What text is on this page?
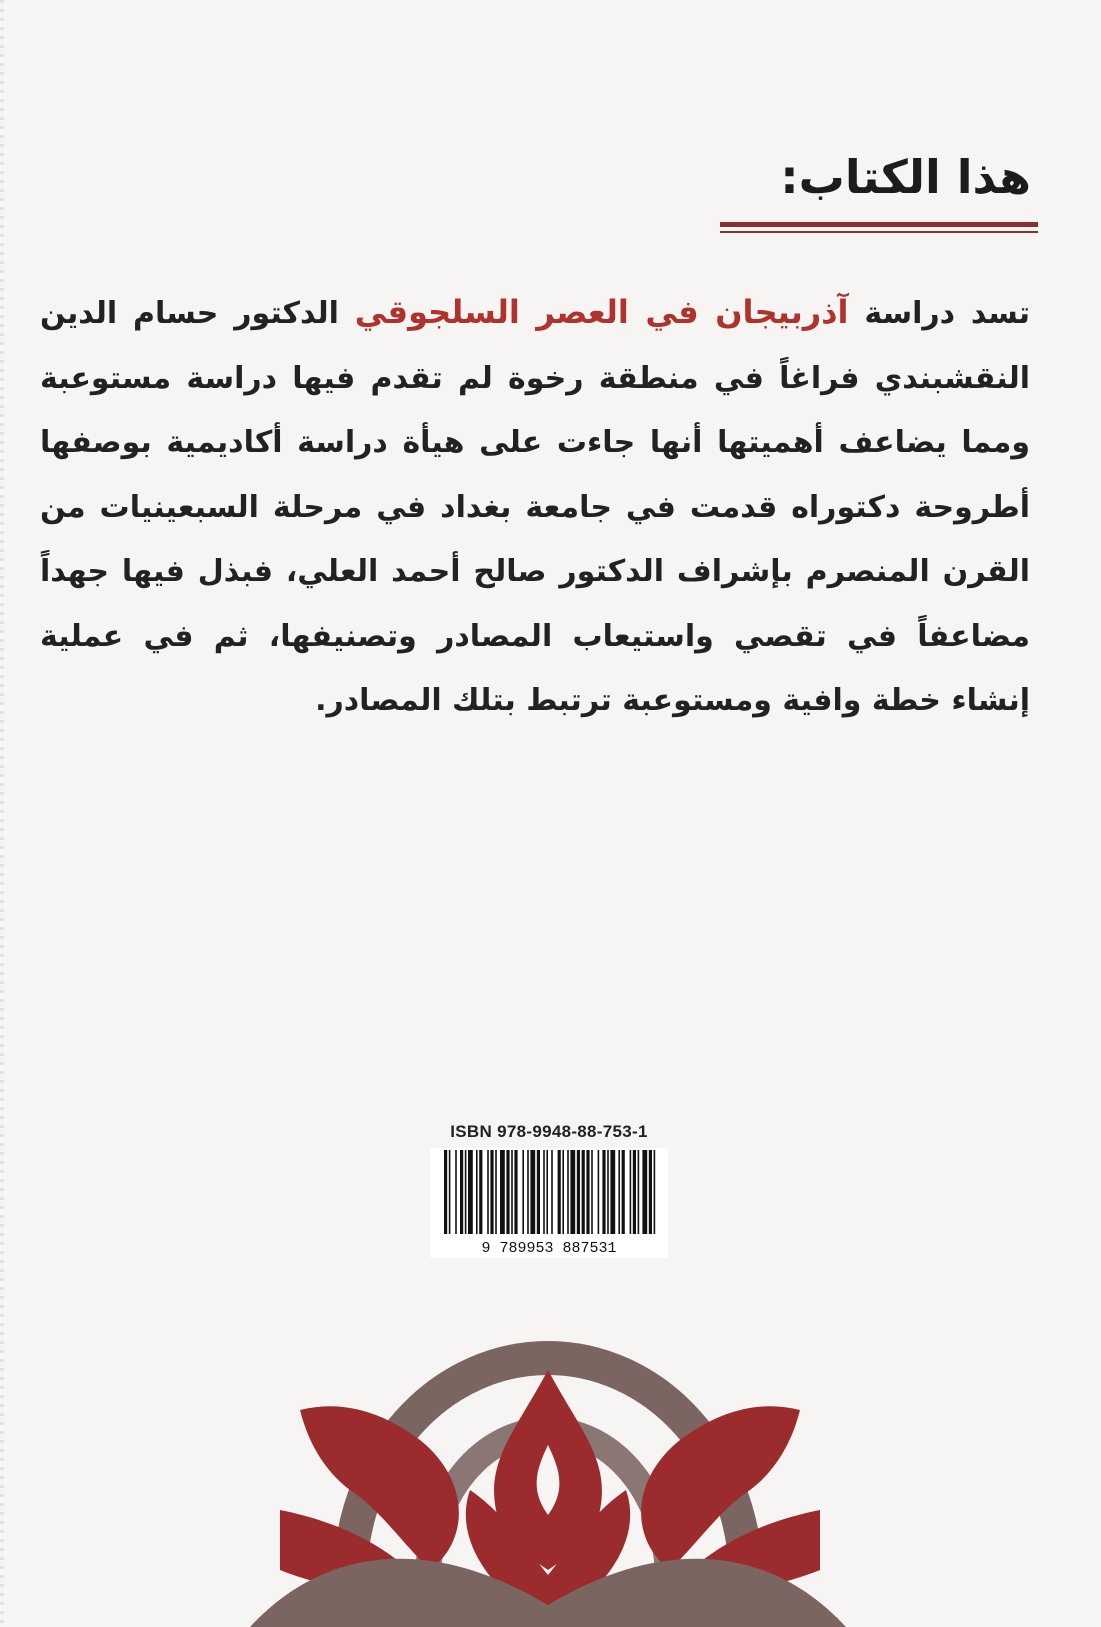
هذا الكتاب:
تسد دراسة آذربيجان في العصر السلجوقي الدكتور حسام الدين النقشبندي فراغاً في منطقة رخوة لم تقدم فيها دراسة مستوعبة ومما يضاعف أهميتها أنها جاءت على هيأة دراسة أكاديمية بوصفها أطروحة دكتوراه قدمت في جامعة بغداد في مرحلة السبعينيات من القرن المنصرم بإشراف الدكتور صالح أحمد العلي، فبذل فيها جهداً مضاعفاً في تقصي واستيعاب المصادر وتصنيفها، ثم في عملية إنشاء خطة وافية ومستوعبة ترتبط بتلك المصادر.
ISBN 978-9948-88-753-1
9 789953 887531
